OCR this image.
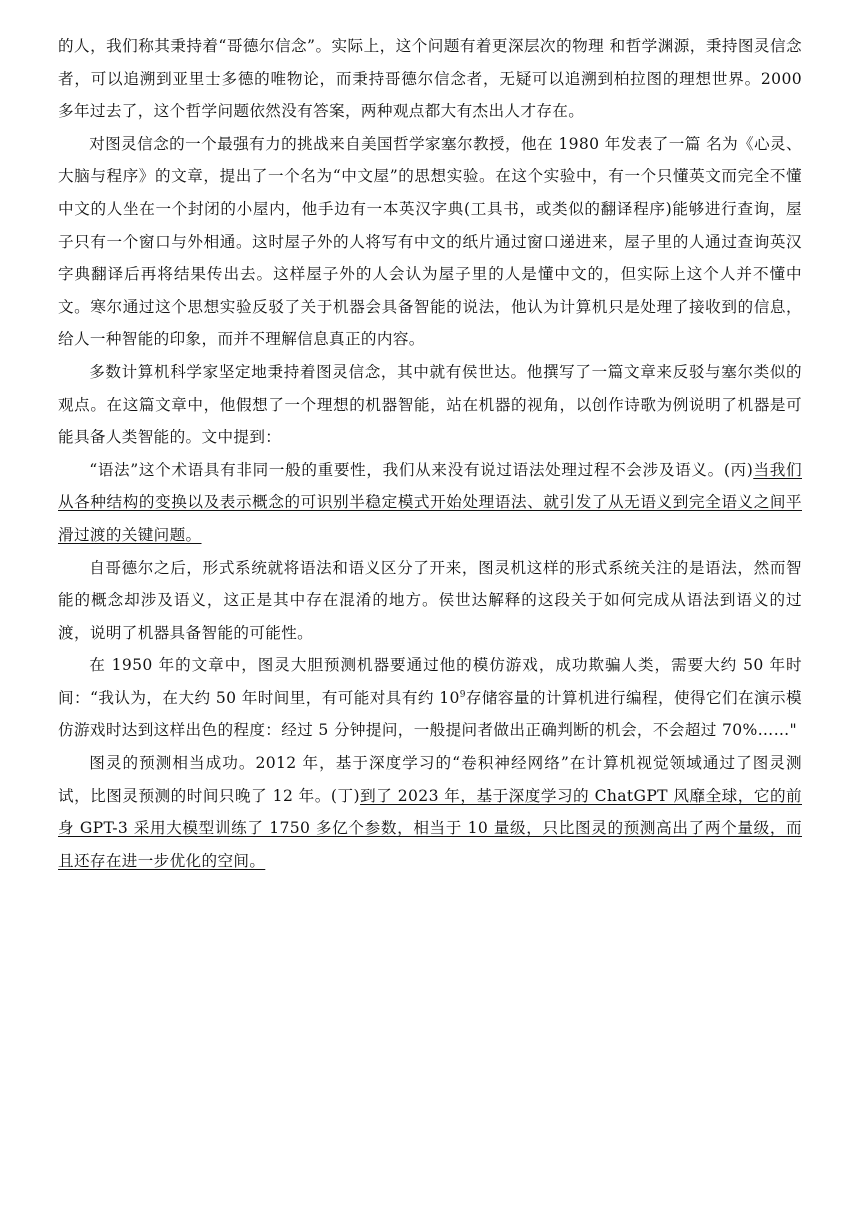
的人，我们称其秉持着“哥德尔信念”。实际上，这个问题有着更深层次的物理 和哲学渊源，秉持图灵信念者，可以追溯到亚里士多德的唯物论，而秉持哥德尔信念者，无疑可以追溯到柏拉图的理想世界。2000 多年过去了，这个哲学问题依然没有答案，两种观点都大有杰出人才存在。

对图灵信念的一个最强有力的挑战来自美国哲学家塞尔教授，他在 1980 年发表了一篇 名为《心灵、大脑与程序》的文章，提出了一个名为“中文屋”的思想实验。在这个实验中，有一个只懂英文而完全不懂中文的人坐在一个封闭的小屋内，他手边有一本英汉字典(工具书，或类似的翻译程序)能够进行查询，屋子只有一个窗口与外相通。这时屋子外的人将写有中文的纸片通过窗口递进来，屋子里的人通过查询英汉字典翻译后再将结果传出去。这样屋子外的人会认为屋子里的人是懂中文的，但实际上这个人并不懂中文。寒尔通过这个思想实验反驳了关于机器会具备智能的说法，他认为计算机只是处理了接收到的信息，给人一种智能的印象，而并不理解信息真正的内容。

多数计算机科学家坚定地秉持着图灵信念，其中就有侯世达。他撰写了一篇文章来反驳与塞尔类似的观点。在这篇文章中，他假想了一个理想的机器智能，站在机器的视角，以创作诗歌为例说明了机器是可能具备人类智能的。文中提到：

“语法”这个术语具有非同一般的重要性，我们从来没有说过语法处理过程不会涉及语义。(丙)当我们从各种结构的变换以及表示概念的可识别半稳定模式开始处理语法、就引发了从无语义到完全语义之间平滑过渡的关键问题。

自哥德尔之后，形式系统就将语法和语义区分了开来，图灵机这样的形式系统关注的是语法，然而智能的概念却涉及语义，这正是其中存在混淆的地方。侯世达解释的这段关于如何完成从语法到语义的过渡，说明了机器具备智能的可能性。

在 1950 年的文章中，图灵大胆预测机器要通过他的模仿游戏，成功欺骗人类，需要大约 50 年时间：“我认为，在大约 50 年时间里，有可能对具有约 $10^9$存储容量的计算机进行编程，使得它们在演示模仿游戏时达到这样出色的程度：经过 5 分钟提问，一般提问者做出正确判断的机会，不会超过 70%……"

图灵的预测相当成功。2012 年，基于深度学习的“卷积神经网络”在计算机视觉领域通过了图灵测试，比图灵预测的时间只晚了 12 年。(丁)到了 2023 年，基于深度学习的 ChatGPT 风靡全球，它的前身 GPT-3 采用大模型训练了 1750 多亿个参数，相当于 10 量级，只比图灵的预测高出了两个量级，而且还存在进一步优化的空间。
